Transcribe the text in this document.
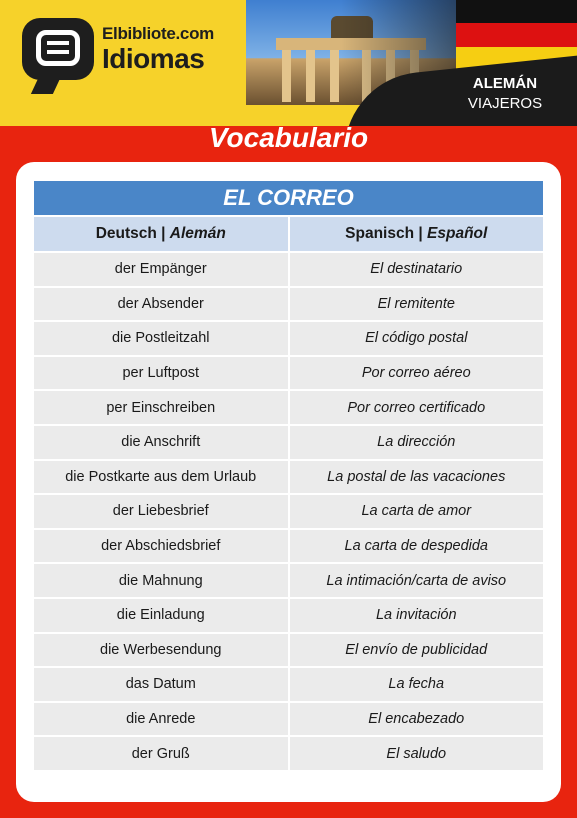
ALEMÁN
VIAJEROS
Elbibliote.com
Idiomas
Vocabulario
EL CORREO	
Deutsch | Alemán	Spanisch | Español
der Empänger	El destinatario
der Absender	El remitente
die Postleitzahl	El código postal
per Luftpost	Por correo aéreo
per Einschreiben	Por correo certificado
die Anschrift	La dirección
die Postkarte aus dem Urlaub	La postal de las vacaciones
der Liebesbrief	La carta de amor
der Abschiedsbrief	La carta de despedida
die Mahnung	La intimación/carta de aviso
die Einladung	La invitación
die Werbesendung	El envío de publicidad
das Datum	La fecha
die Anrede	El encabezado
der Gruß	El saludo
